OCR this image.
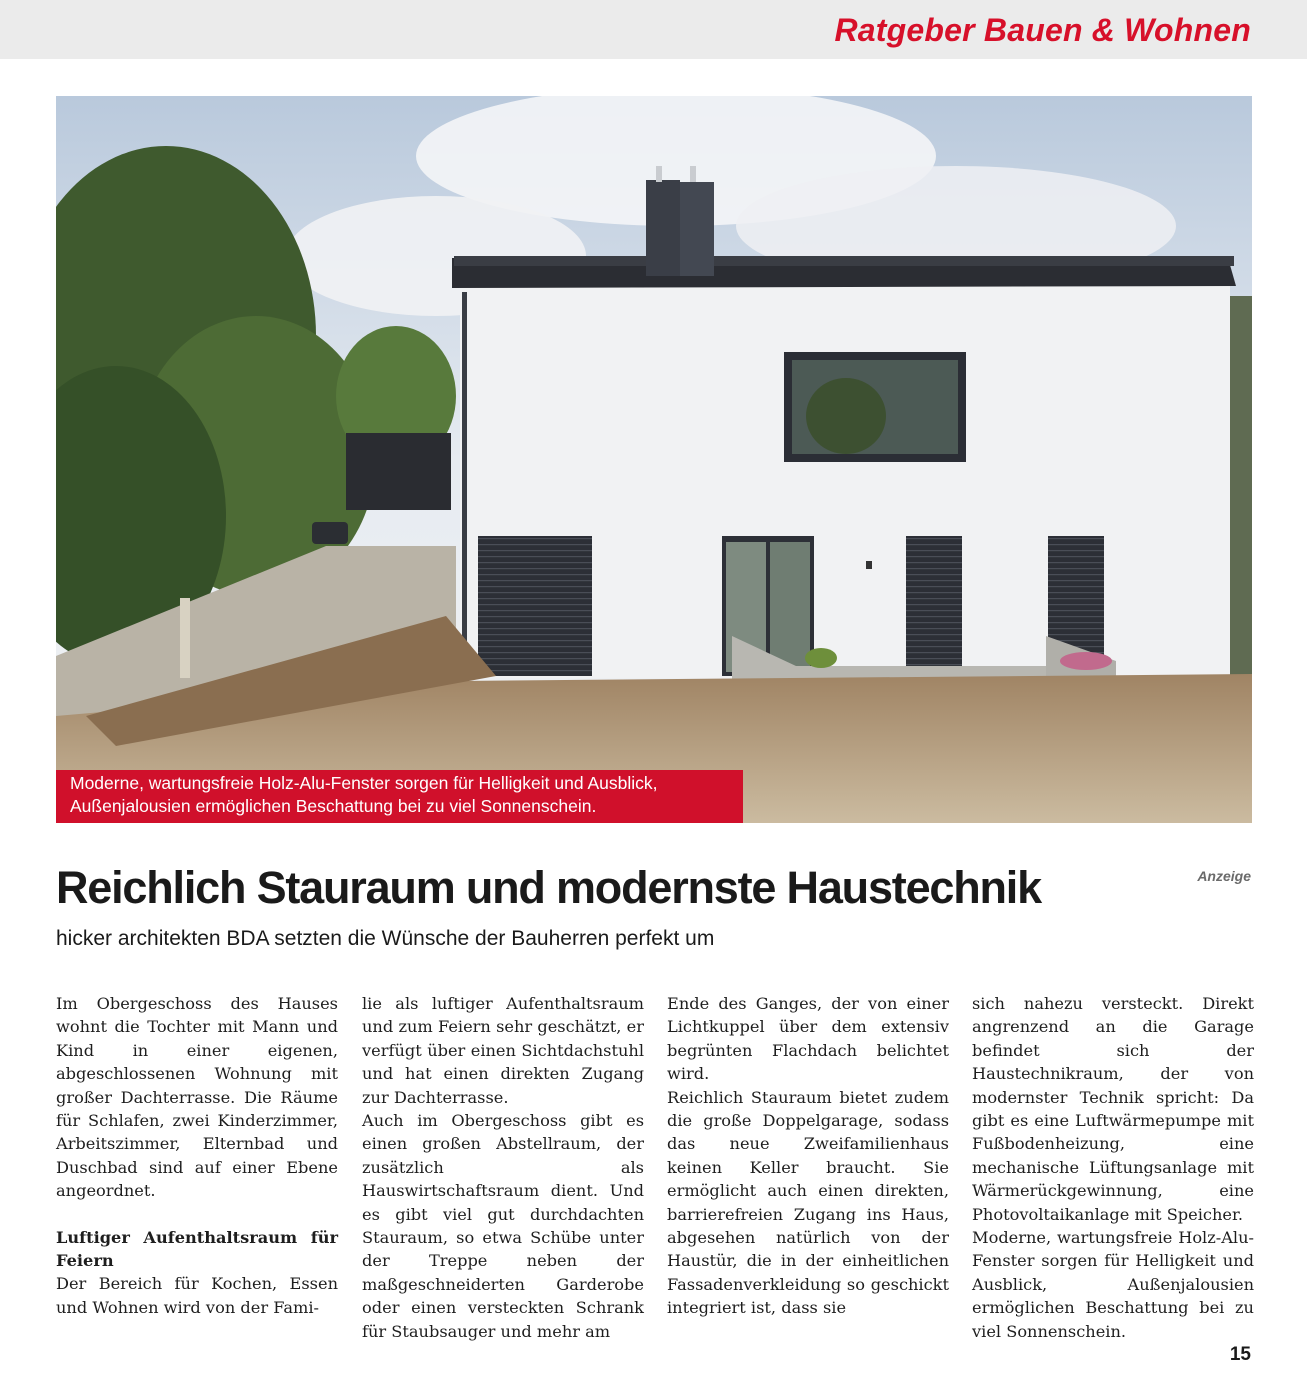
Ratgeber Bauen & Wohnen
Moderne, wartungsfreie Holz-Alu-Fenster sorgen für Helligkeit und Ausblick,
Außenjalousien ermöglichen Beschattung bei zu viel Sonnenschein.
Reichlich Stauraum und modernste Haustechnik	Anzeige
hicker architekten BDA setzten die Wünsche der Bauherren perfekt um

Im Obergeschoss des Hauses wohnt die Tochter mit Mann und Kind in einer eigenen, abgeschlossenen Wohnung mit großer Dachterrasse. Die Räume für Schlafen, zwei Kinderzimmer, Arbeitszimmer, Elternbad und Duschbad sind auf einer Ebene angeordnet.

Luftiger Aufenthaltsraum für Feiern

Der Bereich für Kochen, Essen und Wohnen wird von der Fami-

lie als luftiger Aufenthaltsraum und zum Feiern sehr geschätzt, er verfügt über einen Sichtdachstuhl und hat einen direkten Zugang zur Dachterrasse.

Auch im Obergeschoss gibt es einen großen Abstellraum, der zusätzlich als Hauswirtschaftsraum dient. Und es gibt viel gut durchdachten Stauraum, so etwa Schübe unter der Treppe neben der maßgeschneiderten Garderobe oder einen versteckten Schrank für Staubsauger und mehr am

Ende des Ganges, der von einer Lichtkuppel über dem extensiv begrünten Flachdach belichtet wird.

Reichlich Stauraum bietet zudem die große Doppelgarage, sodass das neue Zweifamilienhaus keinen Keller braucht. Sie ermöglicht auch einen direkten, barrierefreien Zugang ins Haus, abgesehen natürlich von der Haustür, die in der einheitlichen Fassadenverkleidung so geschickt integriert ist, dass sie

sich nahezu versteckt. Direkt angrenzend an die Garage befindet sich der Haustechnikraum, der von modernster Technik spricht: Da gibt es eine Luftwärmepumpe mit Fußbodenheizung, eine mechanische Lüftungsanlage mit Wärmerückgewinnung, eine Photovoltaikanlage mit Speicher.

Moderne, wartungsfreie Holz-Alu-Fenster sorgen für Helligkeit und Ausblick, Außenjalousien ermöglichen Beschattung bei zu viel Sonnenschein.

15
